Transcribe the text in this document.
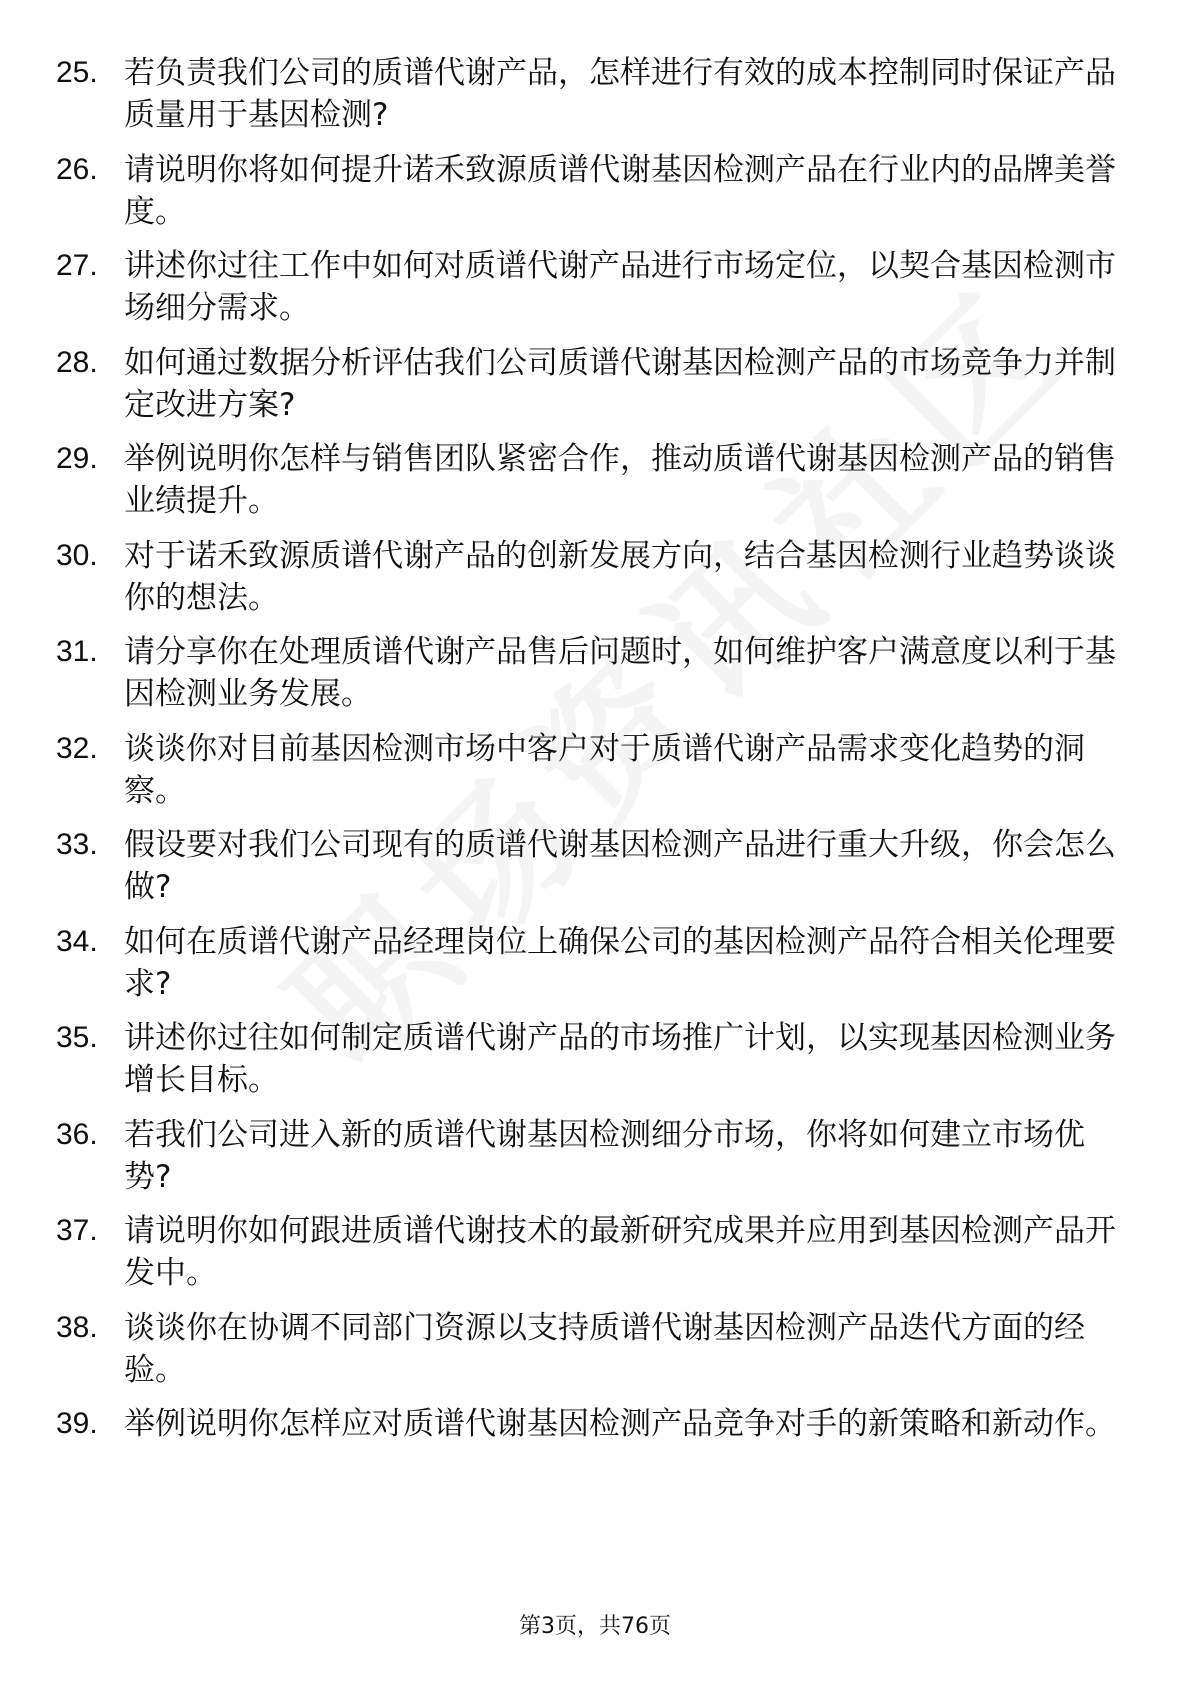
25. 若负责我们公司的质谱代谢产品，怎样进行有效的成本控制同时保证产品质量用于基因检测?
26. 请说明你将如何提升诺禾致源质谱代谢基因检测产品在行业内的品牌美誉度。
27. 讲述你过往工作中如何对质谱代谢产品进行市场定位，以契合基因检测市场细分需求。
28. 如何通过数据分析评估我们公司质谱代谢基因检测产品的市场竞争力并制定改进方案?
29. 举例说明你怎样与销售团队紧密合作，推动质谱代谢基因检测产品的销售业绩提升。
30. 对于诺禾致源质谱代谢产品的创新发展方向，结合基因检测行业趋势谈谈你的想法。
31. 请分享你在处理质谱代谢产品售后问题时，如何维护客户满意度以利于基因检测业务发展。
32. 谈谈你对目前基因检测市场中客户对于质谱代谢产品需求变化趋势的洞察。
33. 假设要对我们公司现有的质谱代谢基因检测产品进行重大升级，你会怎么做?
34. 如何在质谱代谢产品经理岗位上确保公司的基因检测产品符合相关伦理要求?
35. 讲述你过往如何制定质谱代谢产品的市场推广计划，以实现基因检测业务增长目标。
36. 若我们公司进入新的质谱代谢基因检测细分市场，你将如何建立市场优势?
37. 请说明你如何跟进质谱代谢技术的最新研究成果并应用到基因检测产品开发中。
38. 谈谈你在协调不同部门资源以支持质谱代谢基因检测产品迭代方面的经验。
39. 举例说明你怎样应对质谱代谢基因检测产品竞争对手的新策略和新动作。
第3页，共76页
